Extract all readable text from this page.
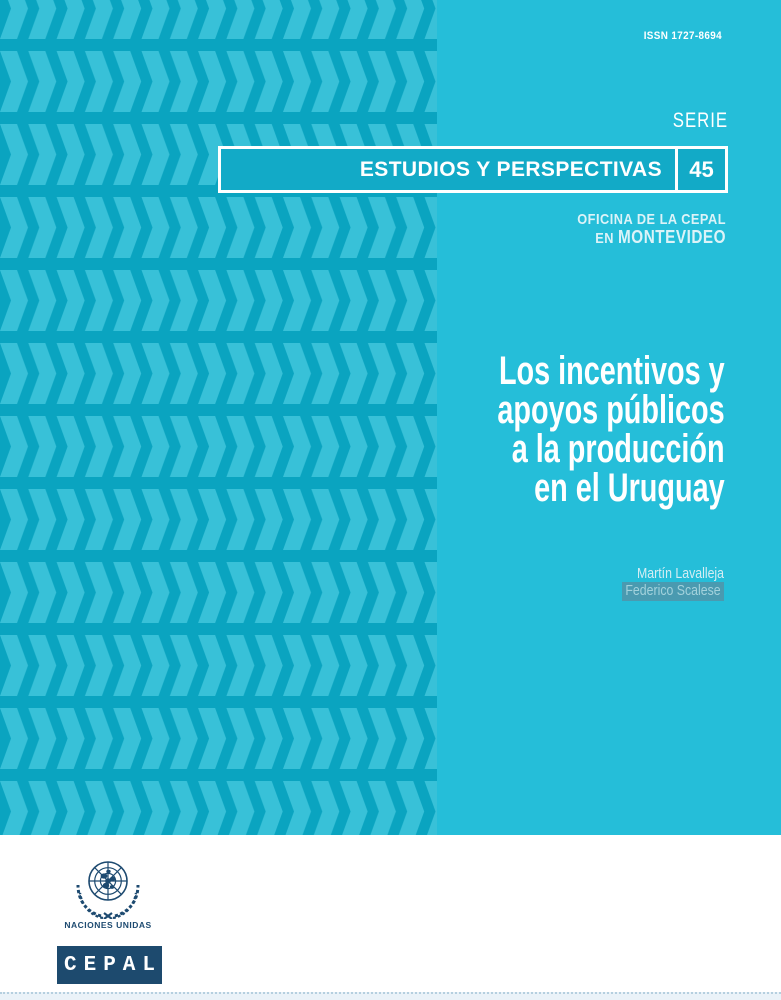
ISSN 1727-8694
SERIE
ESTUDIOS Y PERSPECTIVAS	45
OFICINA DE LA CEPAL
EN MONTEVIDEO
Los incentivos y
apoyos públicos
a la producción
en el Uruguay
Martín Lavalleja
Federico Scalese
NACIONES UNIDAS
CEPAL
